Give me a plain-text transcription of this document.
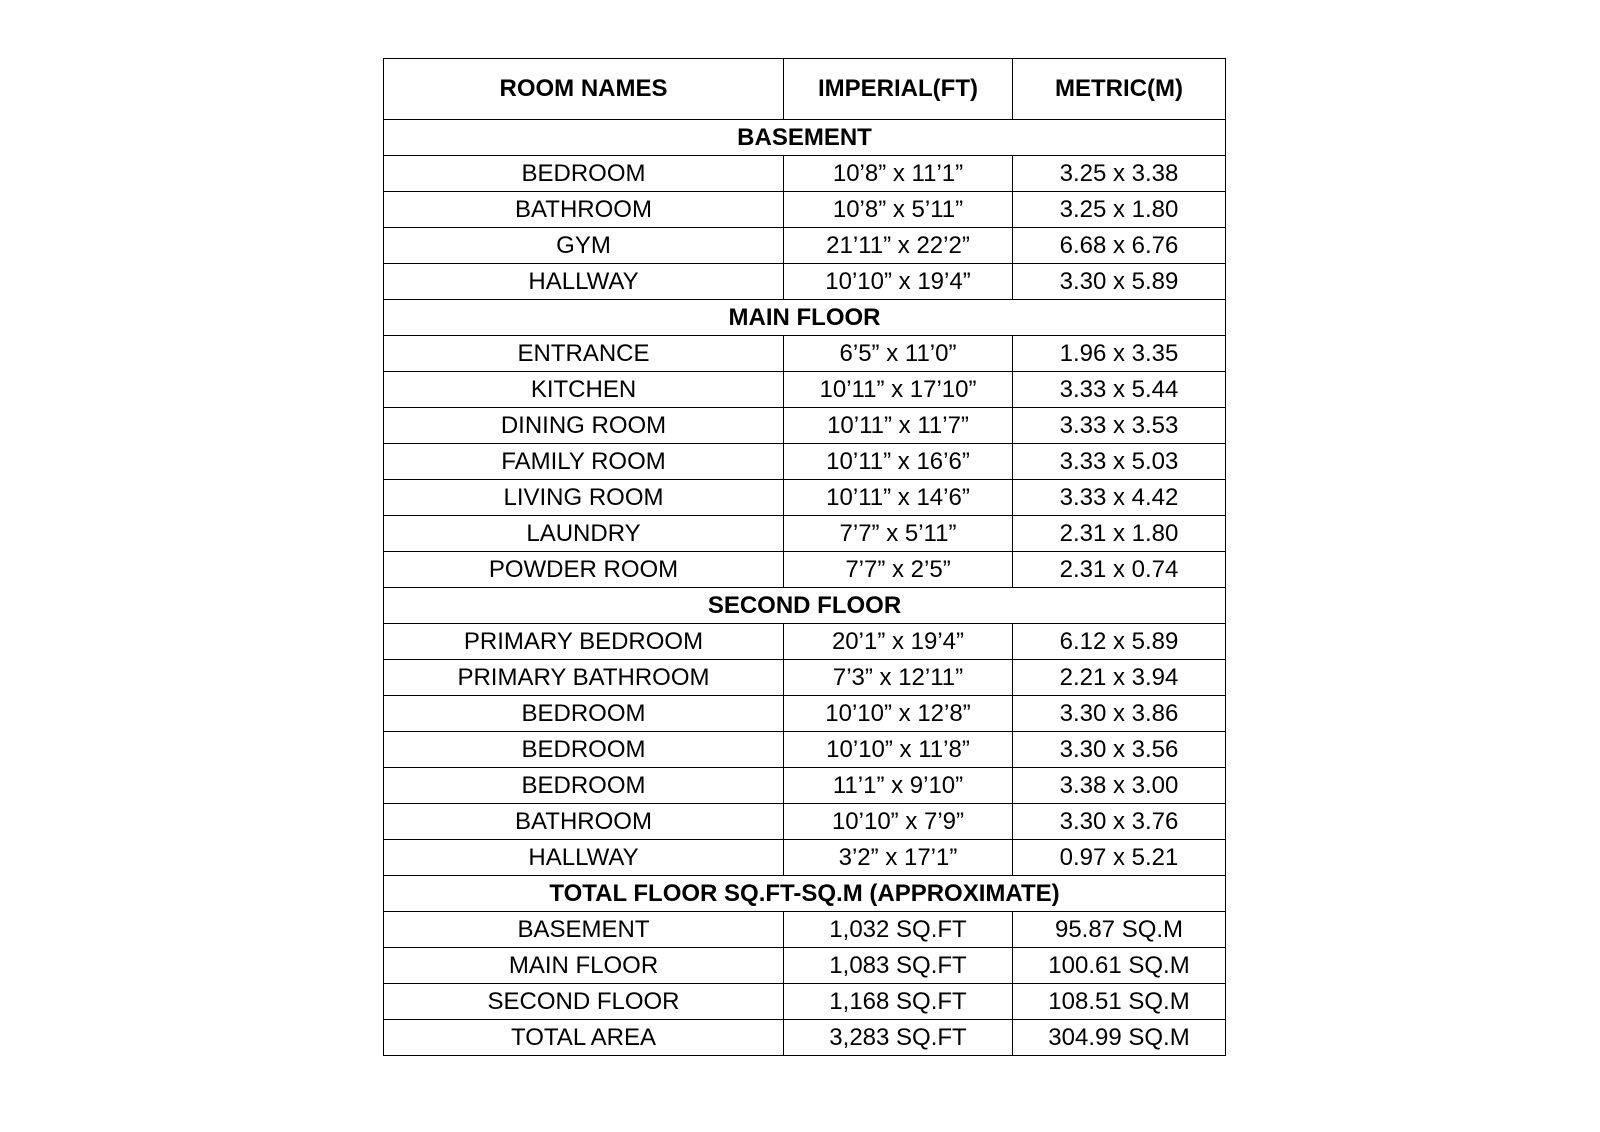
ROOM NAMES	IMPERIAL(FT)	METRIC(M)
BASEMENT		
BEDROOM	10’8” x 11’1”	3.25 x 3.38
BATHROOM	10’8” x 5’11”	3.25 x 1.80
GYM	21’11” x 22’2”	6.68 x 6.76
HALLWAY	10’10” x 19’4”	3.30 x 5.89
MAIN FLOOR		
ENTRANCE	6’5” x 11’0”	1.96 x 3.35
KITCHEN	10’11” x 17’10”	3.33 x 5.44
DINING ROOM	10’11” x 11’7”	3.33 x 3.53
FAMILY ROOM	10’11” x 16’6”	3.33 x 5.03
LIVING ROOM	10’11” x 14’6”	3.33 x 4.42
LAUNDRY	7’7” x 5’11”	2.31 x 1.80
POWDER ROOM	7’7” x 2’5”	2.31 x 0.74
SECOND FLOOR		
PRIMARY BEDROOM	20’1” x 19’4”	6.12 x 5.89
PRIMARY BATHROOM	7’3” x 12’11”	2.21 x 3.94
BEDROOM	10’10” x 12’8”	3.30 x 3.86
BEDROOM	10’10” x 11’8”	3.30 x 3.56
BEDROOM	11’1” x 9’10”	3.38 x 3.00
BATHROOM	10’10” x 7’9”	3.30 x 3.76
HALLWAY	3’2” x 17’1”	0.97 x 5.21
TOTAL FLOOR SQ.FT-SQ.M (APPROXIMATE)		
BASEMENT	1,032 SQ.FT	95.87 SQ.M
MAIN FLOOR	1,083 SQ.FT	100.61 SQ.M
SECOND FLOOR	1,168 SQ.FT	108.51 SQ.M
TOTAL AREA	3,283 SQ.FT	304.99 SQ.M
